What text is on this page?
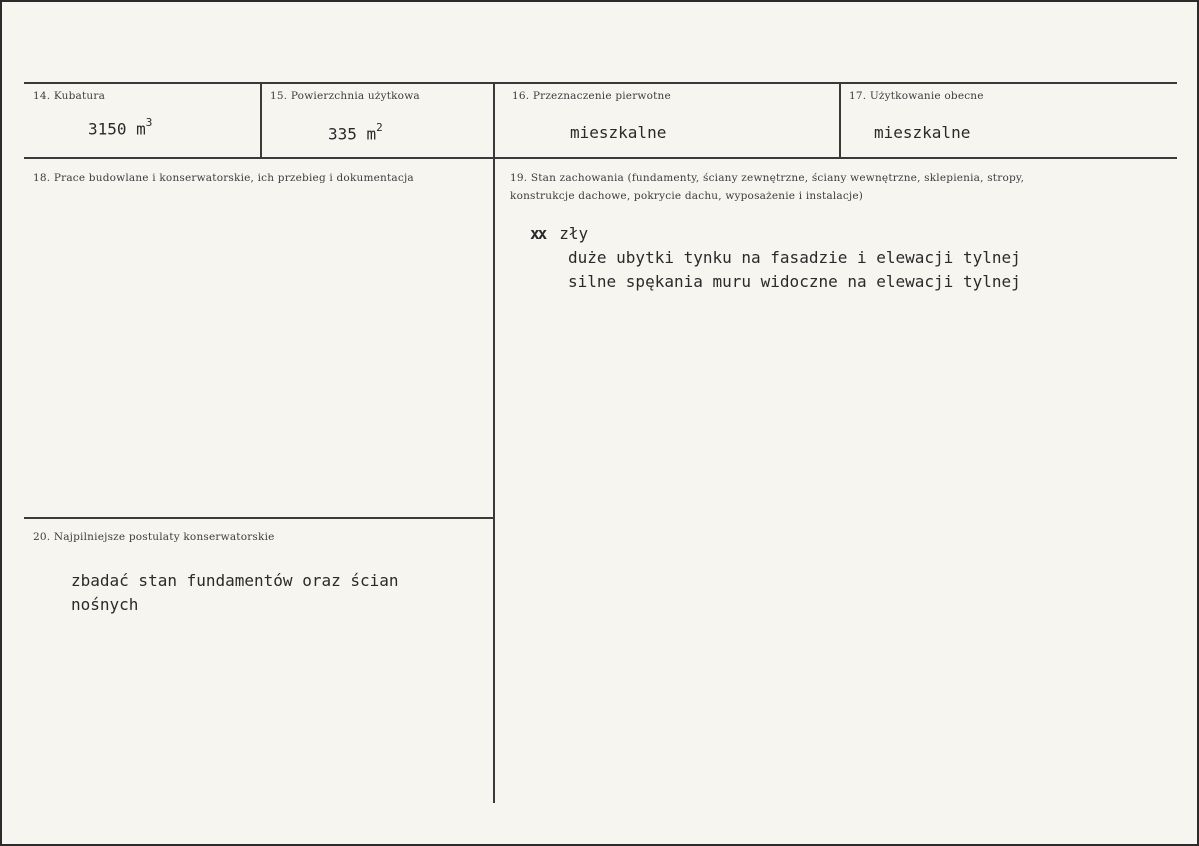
14. Kubatura
3150 $m^3$
15. Powierzchnia użytkowa
335 $m^2$
16. Przeznaczenie pierwotne
mieszkalne
17. Użytkowanie obecne
mieszkalne
18. Prace budowlane i konserwatorskie, ich przebieg i dokumentacja	19. Stan zachowania (fundamenty, ściany zewnętrzne, ściany wewnętrzne, sklepienia, stropy, konstrukcje dachowe, pokrycie dachu, wyposażenie i instalacje)
xx zły
duże ubytki tynku na fasadzie i elewacji tylnej
silne spękania muru widoczne na elewacji tylnej
20. Najpilniejsze postulaty konserwatorskie
zbadać stan fundamentów oraz ścian
nośnych
